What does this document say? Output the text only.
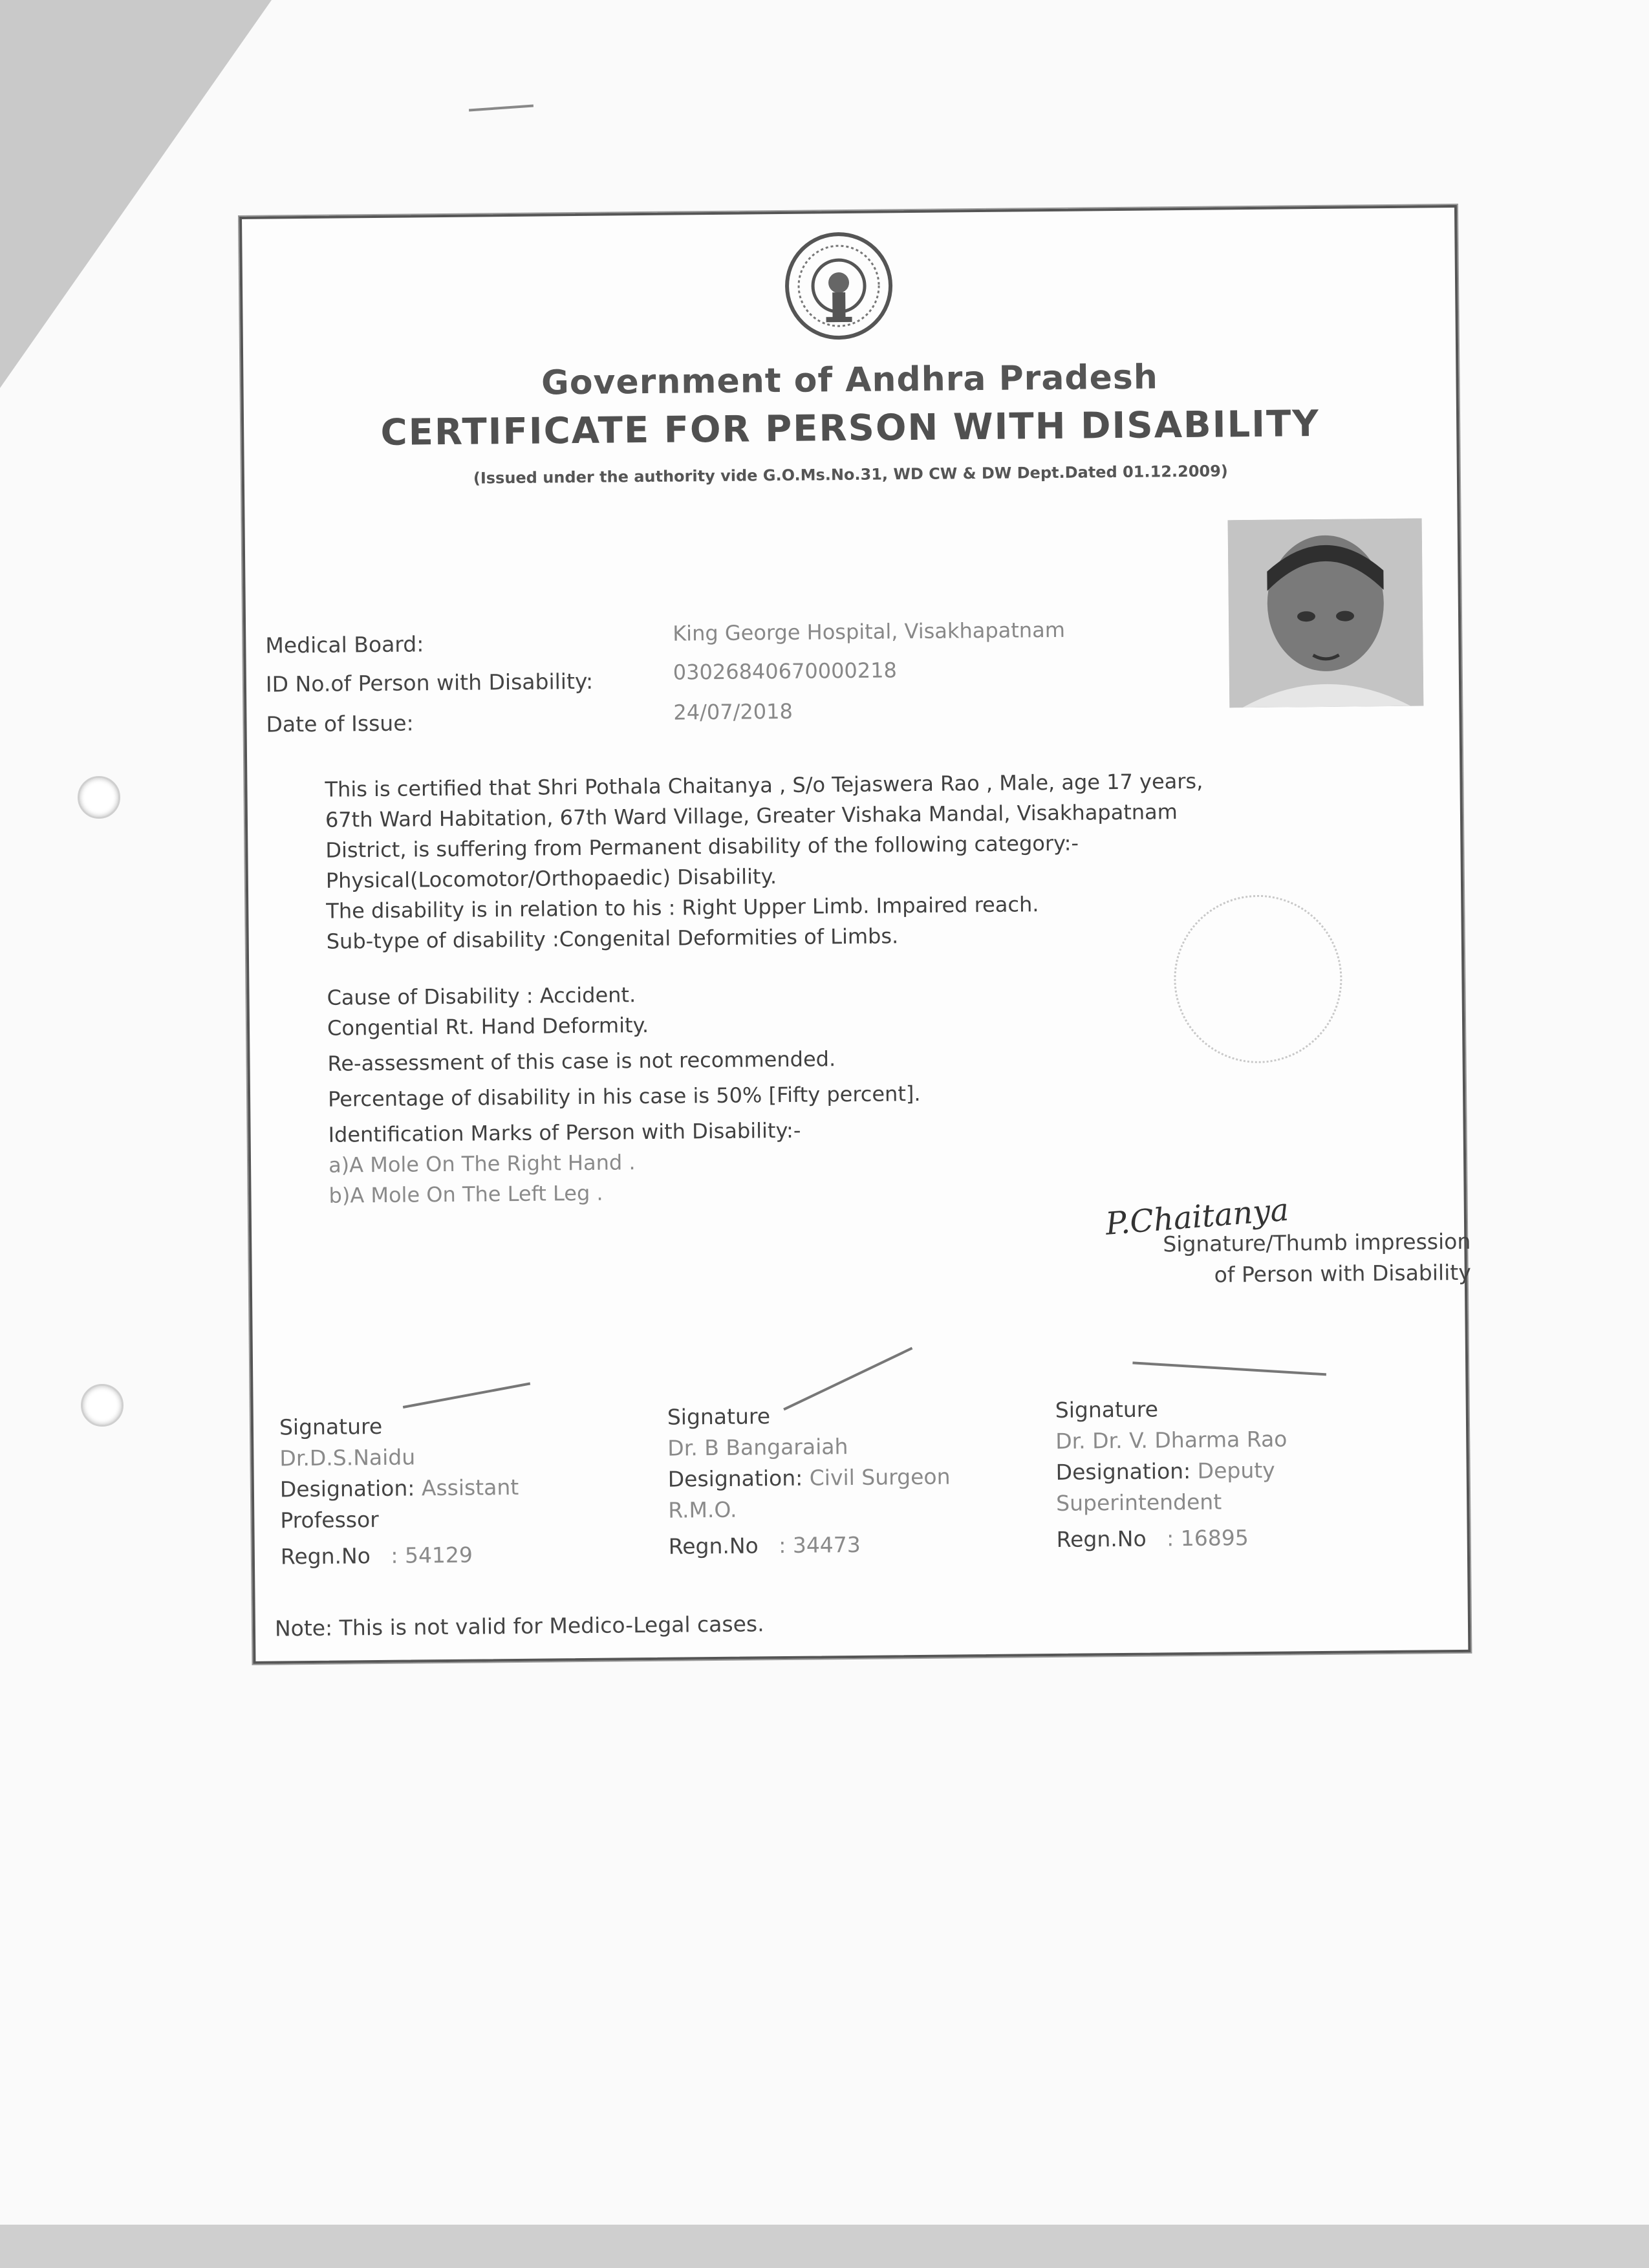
Government of Andhra Pradesh
CERTIFICATE FOR PERSON WITH DISABILITY
(Issued under the authority vide G.O.Ms.No.31, WD CW & DW Dept.Dated 01.12.2009)
Medical Board:	King George Hospital, Visakhapatnam
ID No.of Person with Disability:	03026840670000218
Date of Issue:	24/07/2018

This is certified that Shri Pothala Chaitanya , S/o Tejaswera Rao , Male, age 17 years,

67th Ward Habitation, 67th Ward Village, Greater Vishaka Mandal, Visakhapatnam

District, is suffering from Permanent disability of the following category:-

Physical(Locomotor/Orthopaedic) Disability.

The disability is in relation to his : Right Upper Limb. Impaired reach.

Sub-type of disability :Congenital Deformities of Limbs.

Cause of Disability : Accident.

Congential Rt. Hand Deformity.

Re-assessment of this case is not recommended.

Percentage of disability in his case is 50% [Fifty percent].

Identification Marks of Person with Disability:-

a)A Mole On The Right Hand .

b)A Mole On The Left Leg .	P.Chaitanya
Signature/Thumb impression
of Person with Disability
Signature
Dr.D.S.Naidu
Designation: Assistant
Professor
Regn.No : 54129
Signature
Dr. B Bangaraiah
Designation: Civil Surgeon
R.M.O.
Regn.No : 34473
Signature
Dr. Dr. V. Dharma Rao
Designation: Deputy
Superintendent
Regn.No : 16895
Note: This is not valid for Medico-Legal cases.
